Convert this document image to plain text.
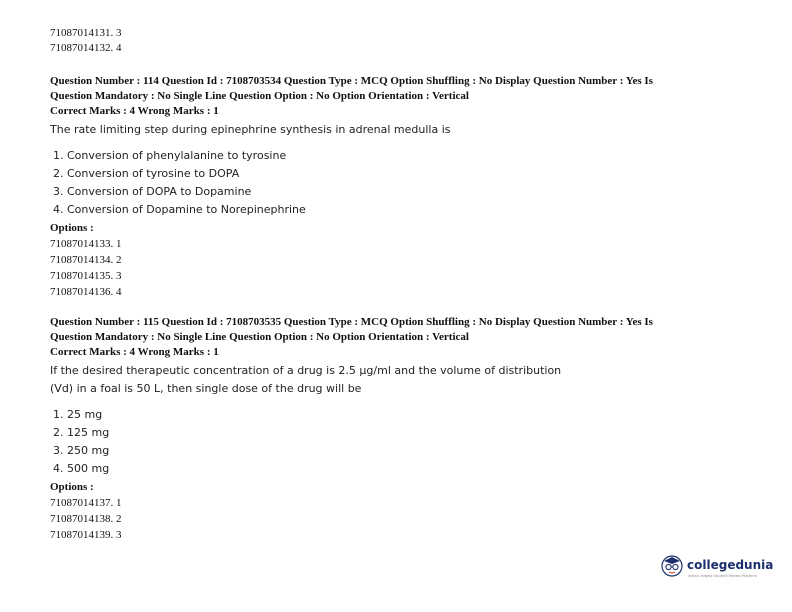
71087014131. 3
71087014132. 4
Question Number : 114 Question Id : 7108703534 Question Type : MCQ Option Shuffling : No Display Question Number : Yes Is
Question Mandatory : No Single Line Question Option : No Option Orientation : Vertical
Correct Marks : 4 Wrong Marks : 1
The rate limiting step during epinephrine synthesis in adrenal medulla is
1. Conversion of phenylalanine to tyrosine
2. Conversion of tyrosine to DOPA
3. Conversion of DOPA to Dopamine
4. Conversion of Dopamine to Norepinephrine
Options :
71087014133. 1
71087014134. 2
71087014135. 3
71087014136. 4
Question Number : 115 Question Id : 7108703535 Question Type : MCQ Option Shuffling : No Display Question Number : Yes Is
Question Mandatory : No Single Line Question Option : No Option Orientation : Vertical
Correct Marks : 4 Wrong Marks : 1
If the desired therapeutic concentration of a drug is 2.5 µg/ml and the volume of distribution
(Vd) in a foal is 50 L, then single dose of the drug will be
1. 25 mg
2. 125 mg
3. 250 mg
4. 500 mg
Options :
71087014137. 1
71087014138. 2
71087014139. 3
collegedunia
India's largest Student Review Platform
